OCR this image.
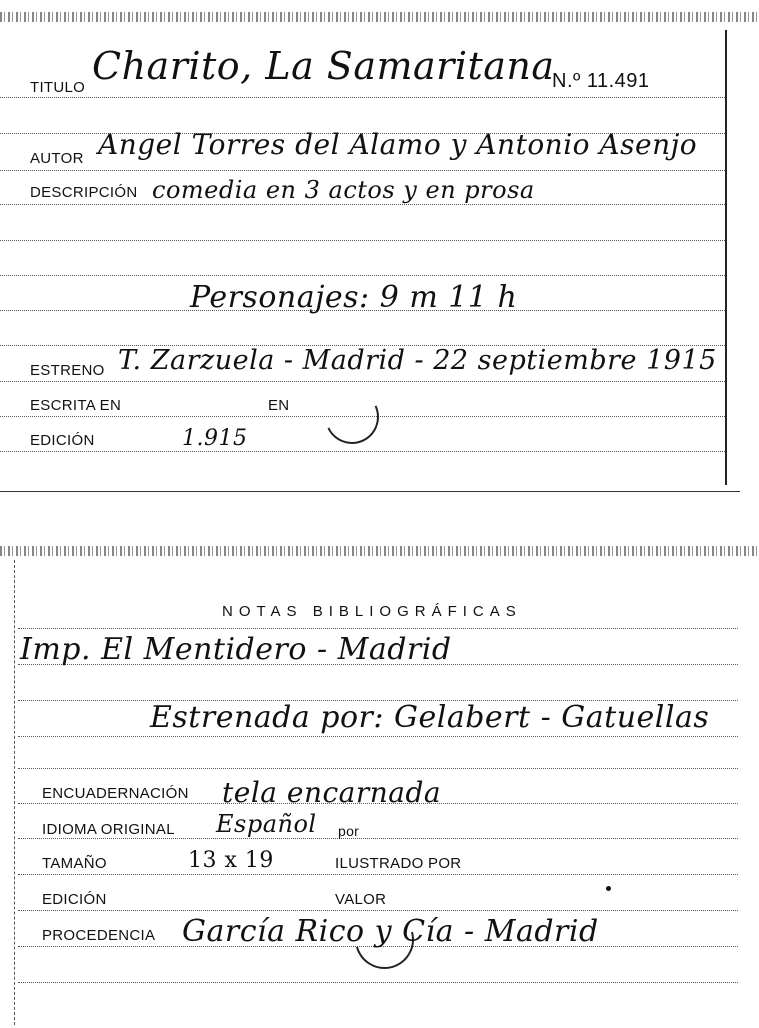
TITULO Charito, La Samaritana
N.º 11.491
AUTOR Angel Torres del Alamo y Antonio Asenjo
DESCRIPCIÓN comedia en 3 actos y en prosa
Personajes: 9 m 11 h
ESTRENO T. Zarzuela - Madrid - 22 septiembre 1915
ESCRITA EN	EN
EDICIÓN	1.915
NOTAS BIBLIOGRÁFICAS
Imp. El Mentidero - Madrid
Estrenada por: Gelabert - Gatuellas
ENCUADERNACIÓN tela encarnada
IDIOMA ORIGINAL Español por
TAMAÑO	13 x 19	ILUSTRADO POR
EDICIÓN	VALOR
PROCEDENCIA García Rico y Cía - Madrid
